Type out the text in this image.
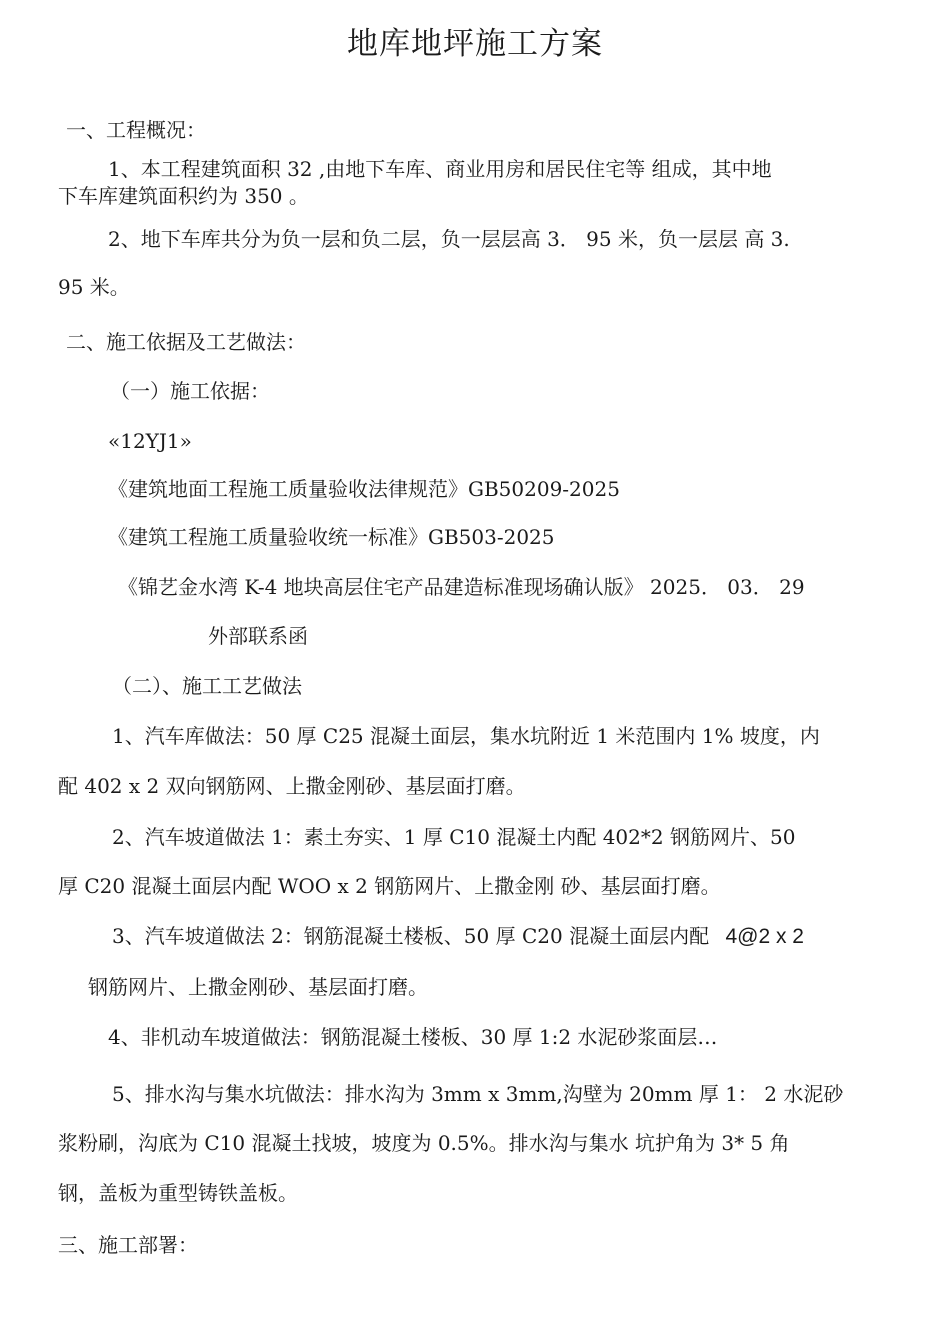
地库地坪施工方案
一、工程概况：
1、本工程建筑面积 32 ,由地下车库、商业用房和居民住宅等 组成，其中地
下车库建筑面积约为 350 。
2、地下车库共分为负一层和负二层，负一层层高 3． 95 米，负一层层 高 3.
95 米。
二、施工依据及工艺做法：
（一）施工依据：
«12YJ1»
《建筑地面工程施工质量验收法律规范》GB50209-2025
《建筑工程施工质量验收统一标准》GB503-2025
《锦艺金水湾 K-4 地块高层住宅产品建造标准现场确认版》 2025． 03． 29
外部联系函
（二）、施工工艺做法
1、汽车库做法：50 厚 C25 混凝土面层，集水坑附近 1 米范围内 1% 坡度，内
配 402 x 2 双向钢筋网、上撒金刚砂、基层面打磨。
2、汽车坡道做法 1：素土夯实、1 厚 C10 混凝土内配 402*2 钢筋网片、50
厚 C20 混凝土面层内配 WOO x 2 钢筋网片、上撒金刚 砂、基层面打磨。
3、汽车坡道做法 2：钢筋混凝土楼板、50 厚 C20 混凝土面层内配 4@2 x 2
钢筋网片、上撒金刚砂、基层面打磨。
4、非机动车坡道做法：钢筋混凝土楼板、30 厚 1:2 水泥砂浆面层…
5、排水沟与集水坑做法：排水沟为 3mm x 3mm,沟壁为 20mm 厚 1： 2 水泥砂
浆粉刷，沟底为 C10 混凝土找坡，坡度为 0.5%。排水沟与集水 坑护角为 3* 5 角
钢，盖板为重型铸铁盖板。
三、施工部署：
